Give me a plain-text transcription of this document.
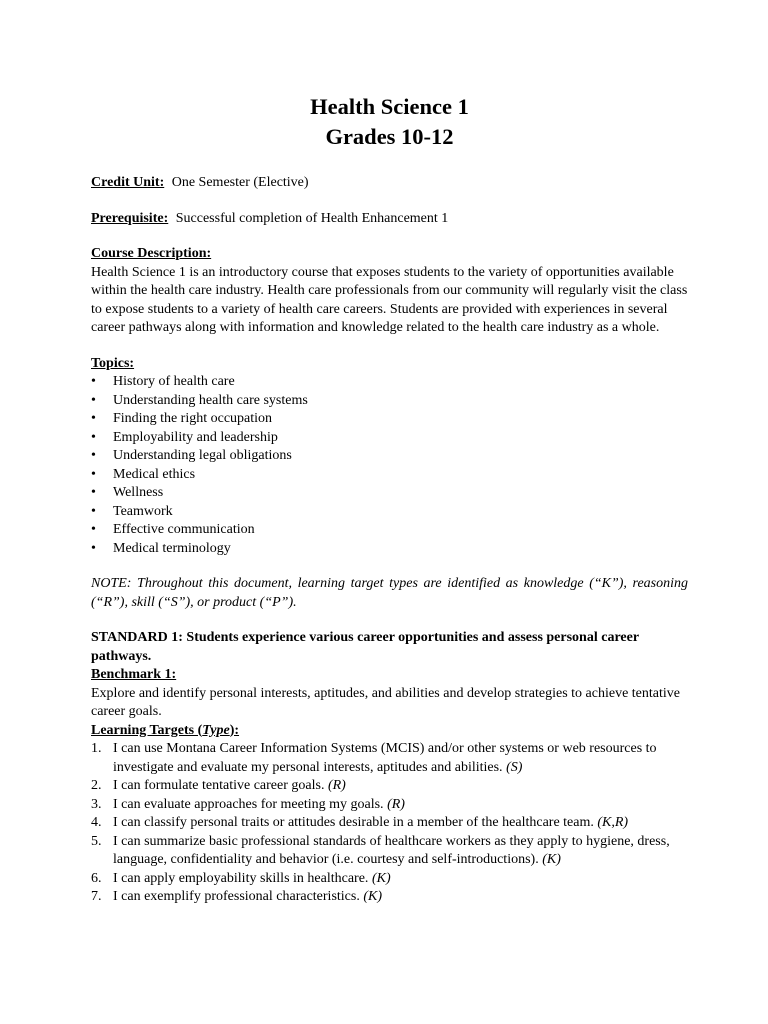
Health Science 1
Grades 10-12

Credit Unit: One Semester (Elective)

Prerequisite: Successful completion of Health Enhancement 1

Course Description:

Health Science 1 is an introductory course that exposes students to the variety of opportunities available within the health care industry. Health care professionals from our community will regularly visit the class to expose students to a variety of health care careers. Students are provided with experiences in several career pathways along with information and knowledge related to the health care industry as a whole.

Topics:
•	History of health care
•	Understanding health care systems
•	Finding the right occupation
•	Employability and leadership
•	Understanding legal obligations
•	Medical ethics
•	Wellness
•	Teamwork
•	Effective communication
•	Medical terminology

NOTE: Throughout this document, learning target types are identified as knowledge (“K”), reasoning (“R”), skill (“S”), or product (“P”).

STANDARD 1: Students experience various career opportunities and assess personal career pathways.

Benchmark 1:

Explore and identify personal interests, aptitudes, and abilities and develop strategies to achieve tentative career goals.

Learning Targets (Type):
1. I can use Montana Career Information Systems (MCIS) and/or other systems or web resources to investigate and evaluate my personal interests, aptitudes and abilities. (S)
2. I can formulate tentative career goals. (R)
3. I can evaluate approaches for meeting my goals. (R)
4. I can classify personal traits or attitudes desirable in a member of the healthcare team. (K,R)
5. I can summarize basic professional standards of healthcare workers as they apply to hygiene, dress, language, confidentiality and behavior (i.e. courtesy and self-introductions). (K)
6. I can apply employability skills in healthcare. (K)
7. I can exemplify professional characteristics. (K)
